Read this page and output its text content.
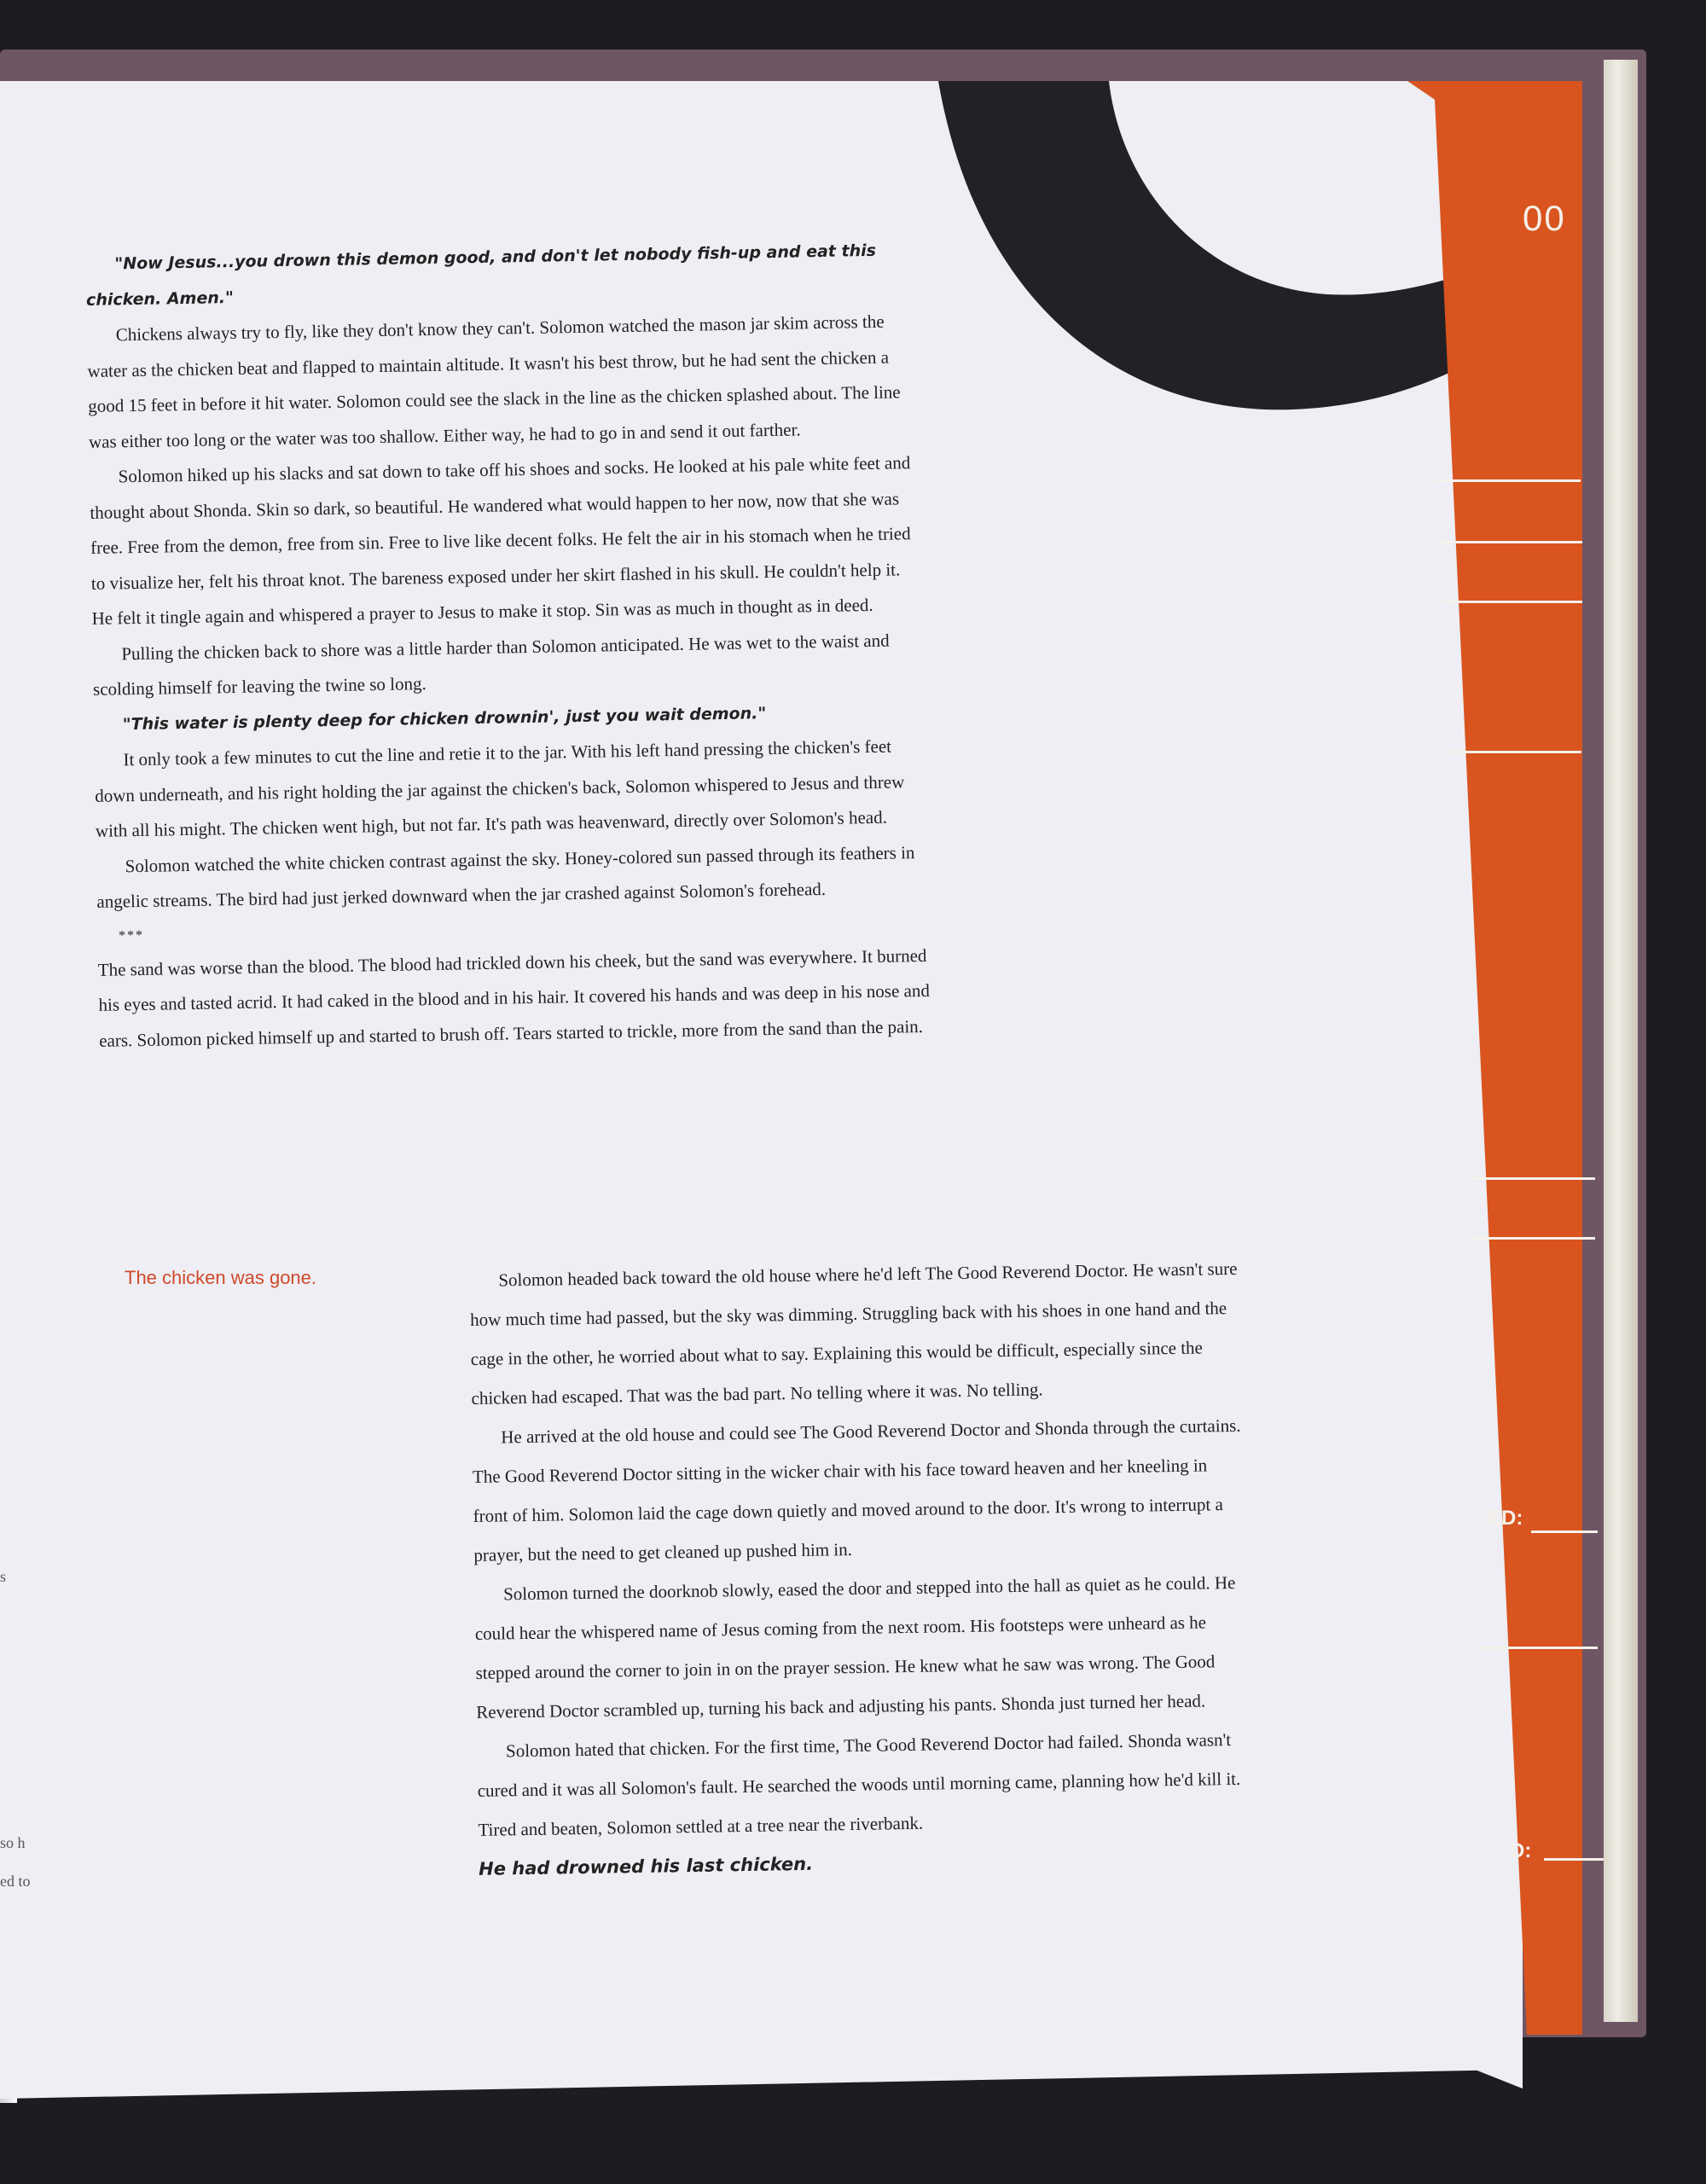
s
so h
ed to
00
ED:
D:

"Now Jesus...you drown this demon good, and don't let nobody fish-up and eat this chicken. Amen."

Chickens always try to fly, like they don't know they can't. Solomon watched the mason jar skim across the water as the chicken beat and flapped to maintain altitude. It wasn't his best throw, but he had sent the chicken a good 15 feet in before it hit water. Solomon could see the slack in the line as the chicken splashed about. The line was either too long or the water was too shallow. Either way, he had to go in and send it out farther.

Solomon hiked up his slacks and sat down to take off his shoes and socks. He looked at his pale white feet and thought about Shonda. Skin so dark, so beautiful. He wandered what would happen to her now, now that she was free. Free from the demon, free from sin. Free to live like decent folks. He felt the air in his stomach when he tried to visualize her, felt his throat knot. The bareness exposed under her skirt flashed in his skull. He couldn't help it. He felt it tingle again and whispered a prayer to Jesus to make it stop. Sin was as much in thought as in deed.

Pulling the chicken back to shore was a little harder than Solomon anticipated. He was wet to the waist and scolding himself for leaving the twine so long.

"This water is plenty deep for chicken drownin', just you wait demon."

It only took a few minutes to cut the line and retie it to the jar. With his left hand pressing the chicken's feet down underneath, and his right holding the jar against the chicken's back, Solomon whispered to Jesus and threw with all his might. The chicken went high, but not far. It's path was heavenward, directly over Solomon's head.

Solomon watched the white chicken contrast against the sky. Honey-colored sun passed through its feathers in angelic streams. The bird had just jerked downward when the jar crashed against Solomon's forehead.

***

The sand was worse than the blood. The blood had trickled down his cheek, but the sand was everywhere. It burned his eyes and tasted acrid. It had caked in the blood and in his hair. It covered his hands and was deep in his nose and ears. Solomon picked himself up and started to brush off. Tears started to trickle, more from the sand than the pain.

The chicken was gone.	Solomon headed back toward the old house where he'd left The Good Reverend Doctor. He wasn't sure how much time had passed, but the sky was dimming. Struggling back with his shoes in one hand and the cage in the other, he worried about what to say. Explaining this would be difficult, especially since the chicken had escaped. That was the bad part. No telling where it was. No telling.

He arrived at the old house and could see The Good Reverend Doctor and Shonda through the curtains. The Good Reverend Doctor sitting in the wicker chair with his face toward heaven and her kneeling in front of him. Solomon laid the cage down quietly and moved around to the door. It's wrong to interrupt a prayer, but the need to get cleaned up pushed him in.

Solomon turned the doorknob slowly, eased the door and stepped into the hall as quiet as he could. He could hear the whispered name of Jesus coming from the next room. His footsteps were unheard as he stepped around the corner to join in on the prayer session. He knew what he saw was wrong. The Good Reverend Doctor scrambled up, turning his back and adjusting his pants. Shonda just turned her head.

Solomon hated that chicken. For the first time, The Good Reverend Doctor had failed. Shonda wasn't cured and it was all Solomon's fault. He searched the woods until morning came, planning how he'd kill it. Tired and beaten, Solomon settled at a tree near the riverbank.

He had drowned his last chicken.
